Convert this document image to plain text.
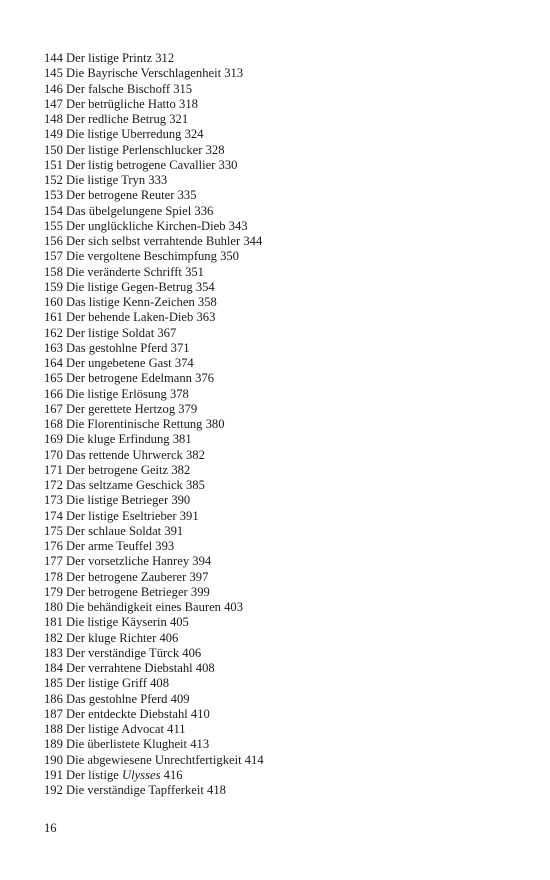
144 Der listige Printz 312
145 Die Bayrische Verschlagenheit 313
146 Der falsche Bischoff 315
147 Der betrügliche Hatto 318
148 Der redliche Betrug 321
149 Die listige Uberredung 324
150 Der listige Perlenschlucker 328
151 Der listig betrogene Cavallier 330
152 Die listige Tryn 333
153 Der betrogene Reuter 335
154 Das übelgelungene Spiel 336
155 Der unglückliche Kirchen-Dieb 343
156 Der sich selbst verrahtende Buhler 344
157 Die vergoltene Beschimpfung 350
158 Die veränderte Schrifft 351
159 Die listige Gegen-Betrug 354
160 Das listige Kenn-Zeichen 358
161 Der behende Laken-Dieb 363
162 Der listige Soldat 367
163 Das gestohlne Pferd 371
164 Der ungebetene Gast 374
165 Der betrogene Edelmann 376
166 Die listige Erlösung 378
167 Der gerettete Hertzog 379
168 Die Florentinische Rettung 380
169 Die kluge Erfindung 381
170 Das rettende Uhrwerck 382
171 Der betrogene Geitz 382
172 Das seltzame Geschick 385
173 Die listige Betrieger 390
174 Der listige Eseltrieber 391
175 Der schlaue Soldat 391
176 Der arme Teuffel 393
177 Der vorsetzliche Hanrey 394
178 Der betrogene Zauberer 397
179 Der betrogene Betrieger 399
180 Die behändigkeit eines Bauren 403
181 Die listige Käyserin 405
182 Der kluge Richter 406
183 Der verständige Türck 406
184 Der verrahtene Diebstahl 408
185 Der listige Griff 408
186 Das gestohlne Pferd 409
187 Der entdeckte Diebstahl 410
188 Der listige Advocat 411
189 Die überlistete Klugheit 413
190 Die abgewiesene Unrechtfertigkeit 414
191 Der listige Ulysses 416
192 Die verständige Tapfferkeit 418
16
